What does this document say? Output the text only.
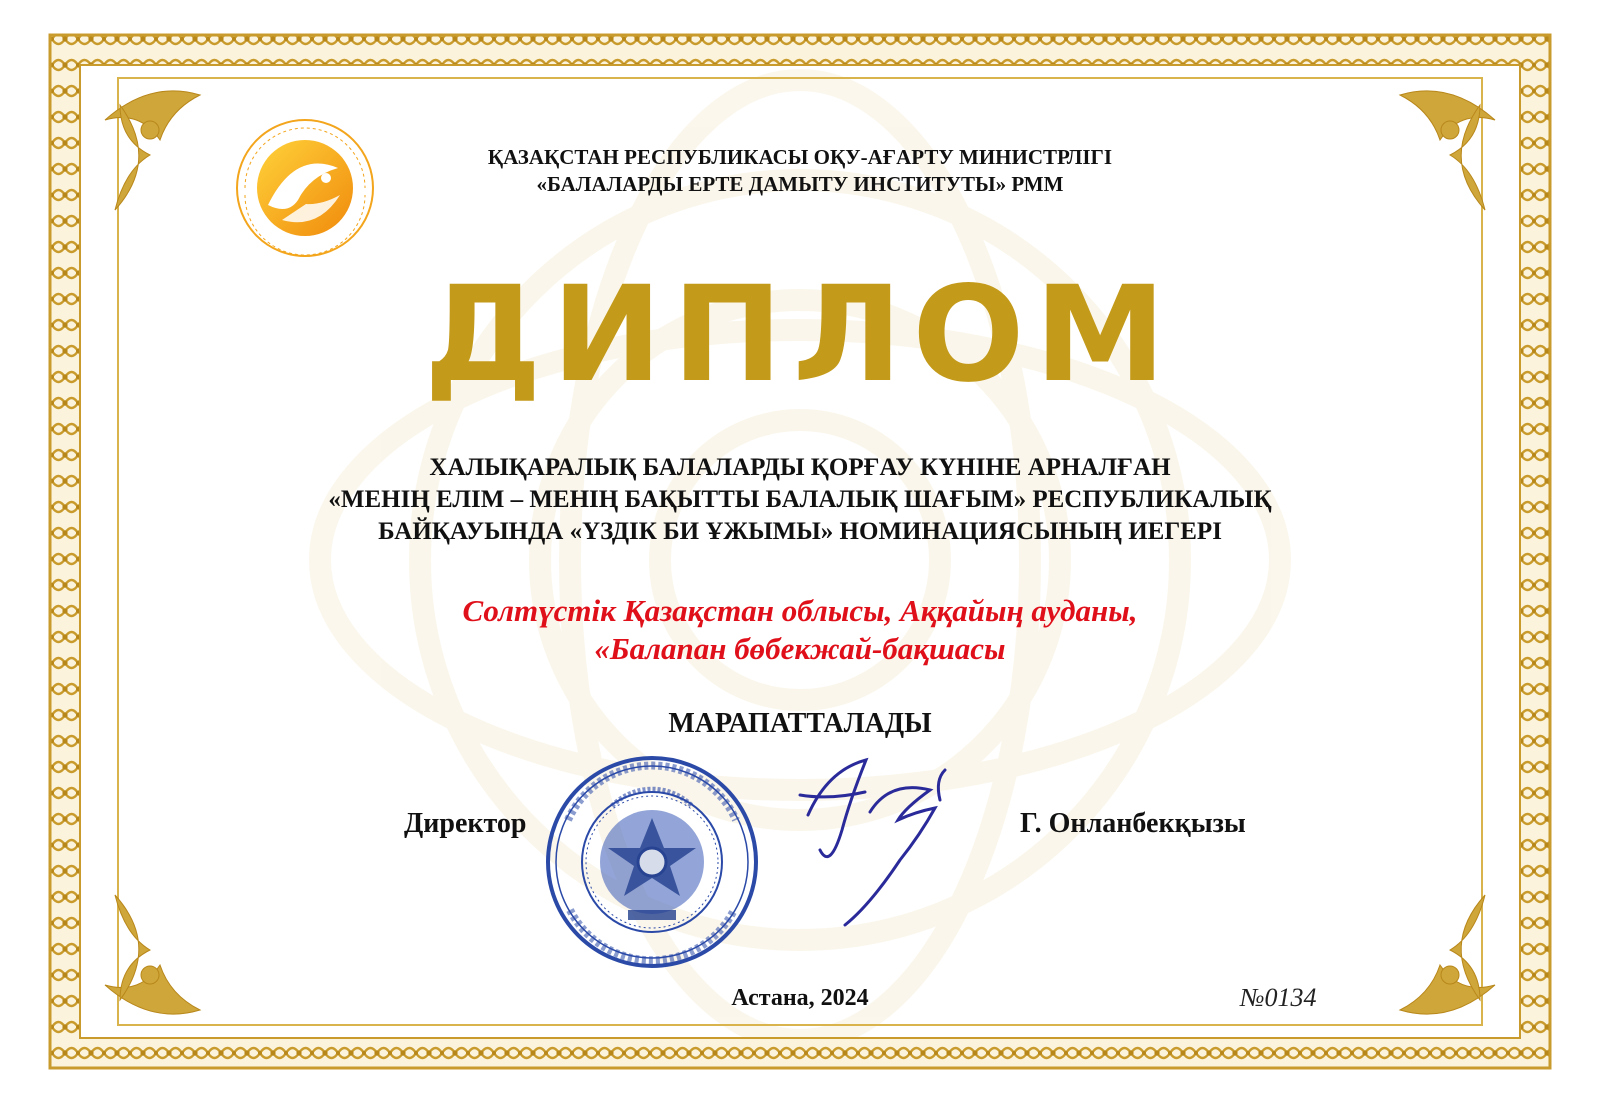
ҚАЗАҚСТАН РЕСПУБЛИКАСЫ ОҚУ-АҒАРТУ МИНИСТРЛІГІ
«БАЛАЛАРДЫ ЕРТЕ ДАМЫТУ ИНСТИТУТЫ» РММ
ДИПЛОМ
ХАЛЫҚАРАЛЫҚ БАЛАЛАРДЫ ҚОРҒАУ КҮНІНЕ АРНАЛҒАН
«МЕНІҢ ЕЛІМ – МЕНІҢ БАҚЫТТЫ БАЛАЛЫҚ ШАҒЫМ» РЕСПУБЛИКАЛЫҚ
БАЙҚАУЫНДА «ҮЗДІК БИ ҰЖЫМЫ» НОМИНАЦИЯСЫНЫҢ ИЕГЕРІ
Солтүстік Қазақстан облысы, Аққайың ауданы,
«Балапан бөбекжай-бақшасы
МАРАПАТТАЛАДЫ
Директор	Г. Онланбекқызы
Астана, 2024	№0134
